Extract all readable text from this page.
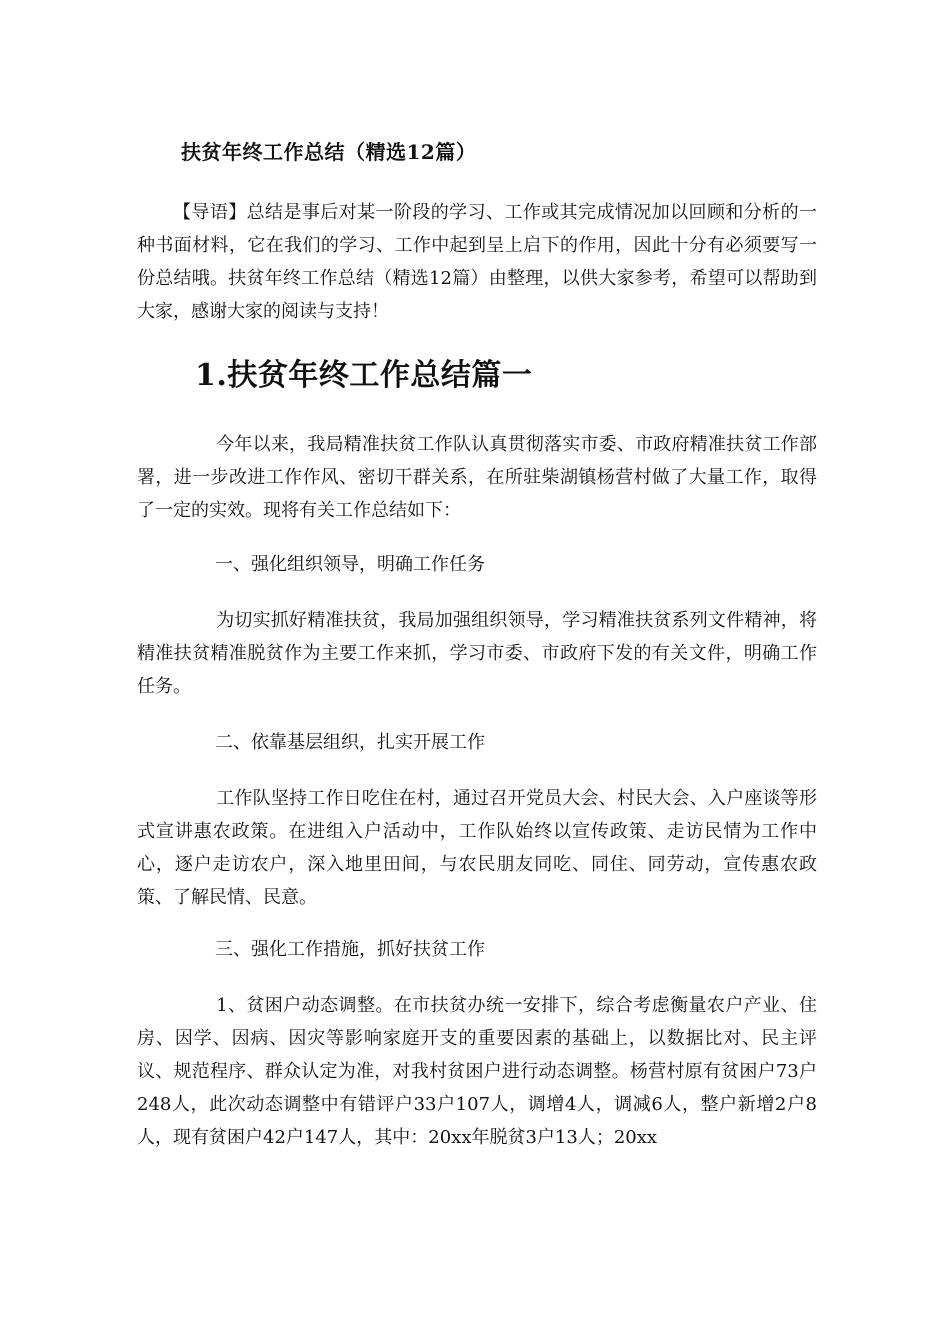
扶贫年终工作总结（精选12篇）

【导语】总结是事后对某一阶段的学习、工作或其完成情况加以回顾和分析的一种书面材料，它在我们的学习、工作中起到呈上启下的作用，因此十分有必须要写一份总结哦。扶贫年终工作总结（精选12篇）由整理，以供大家参考，希望可以帮助到大家，感谢大家的阅读与支持！

1.扶贫年终工作总结篇一

今年以来，我局精准扶贫工作队认真贯彻落实市委、市政府精准扶贫工作部署，进一步改进工作作风、密切干群关系，在所驻柴湖镇杨营村做了大量工作，取得了一定的实效。现将有关工作总结如下：

一、强化组织领导，明确工作任务

为切实抓好精准扶贫，我局加强组织领导，学习精准扶贫系列文件精神，将精准扶贫精准脱贫作为主要工作来抓，学习市委、市政府下发的有关文件，明确工作任务。

二、依靠基层组织，扎实开展工作

工作队坚持工作日吃住在村，通过召开党员大会、村民大会、入户座谈等形式宣讲惠农政策。在进组入户活动中，工作队始终以宣传政策、走访民情为工作中心，逐户走访农户，深入地里田间，与农民朋友同吃、同住、同劳动，宣传惠农政策、了解民情、民意。

三、强化工作措施，抓好扶贫工作

1、贫困户动态调整。在市扶贫办统一安排下，综合考虑衡量农户产业、住房、因学、因病、因灾等影响家庭开支的重要因素的基础上，以数据比对、民主评议、规范程序、群众认定为准，对我村贫困户进行动态调整。杨营村原有贫困户73户248人，此次动态调整中有错评户33户107人，调增4人，调减6人，整户新增2户8人，现有贫困户42户147人，其中：20xx年脱贫3户13人；20xx
